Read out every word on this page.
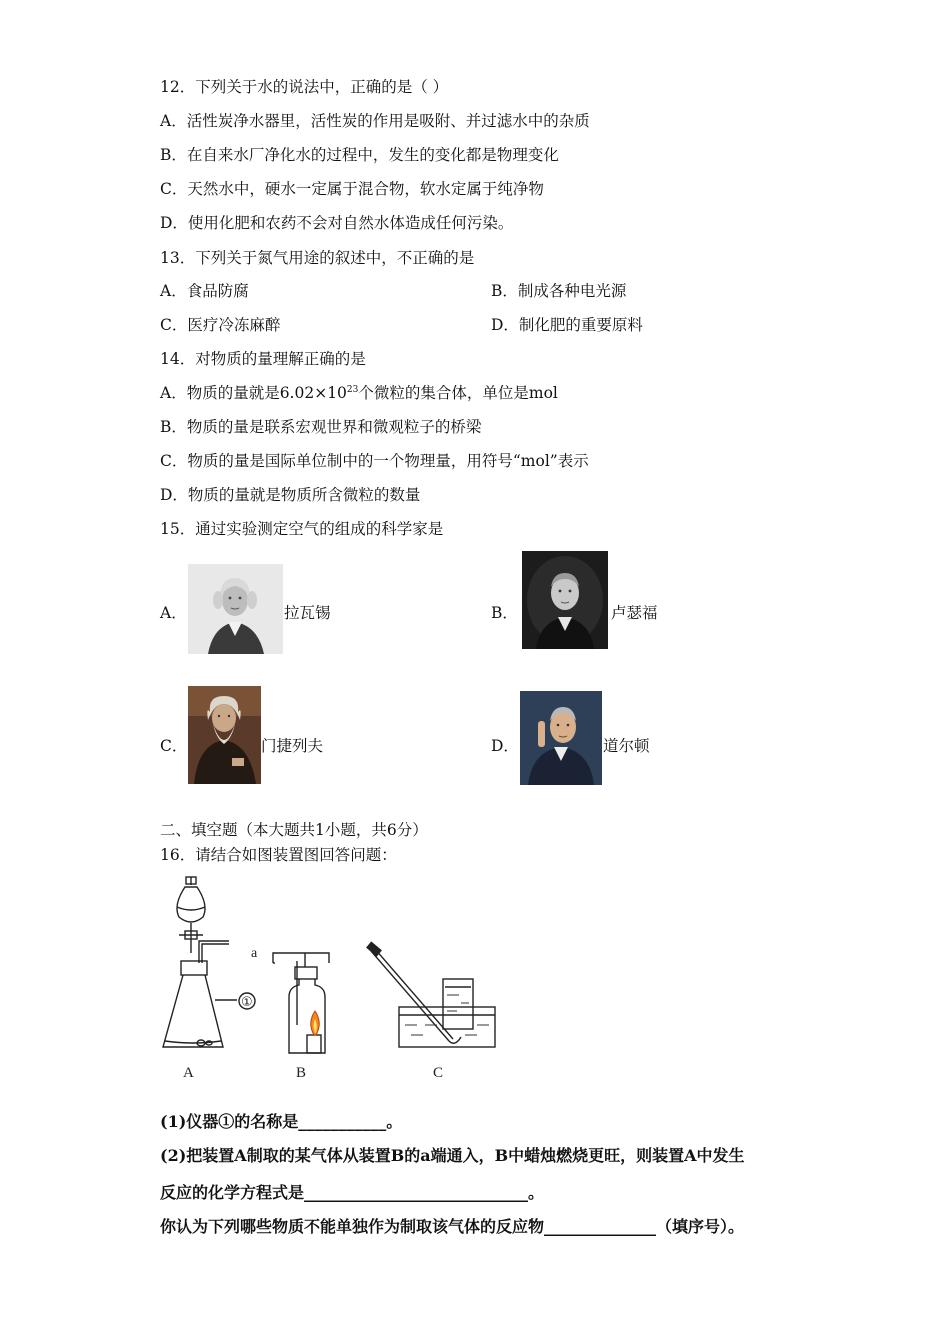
12．下列关于水的说法中，正确的是（ ）
A．活性炭净水器里，活性炭的作用是吸附、并过滤水中的杂质
B．在自来水厂净化水的过程中，发生的变化都是物理变化
C．天然水中，硬水一定属于混合物，软水定属于纯净物
D．使用化肥和农药不会对自然水体造成任何污染。
13．下列关于氮气用途的叙述中，不正确的是
A．食品防腐	B．制成各种电光源
C．医疗冷冻麻醉	D．制化肥的重要原料
14．对物质的量理解正确的是
A．物质的量就是$6.02\times 10^{23}$个微粒的集合体，单位是mol
B．物质的量是联系宏观世界和微观粒子的桥梁
C．物质的量是国际单位制中的一个物理量，用符号“mol”表示
D．物质的量就是物质所含微粒的数量
15．通过实验测定空气的组成的科学家是
A．	拉瓦锡	B．	卢瑟福
C．	门捷列夫	D．	道尔顿
二、填空题（本大题共1小题，共6分）
16．请结合如图装置图回答问题：
a
①
A	B	C
(1)仪器①的名称是___________。
(2)把装置A制取的某气体从装置B的a端通入，B中蜡烛燃烧更旺，则装置A中发生
反应的化学方程式是____________________________。
你认为下列哪些物质不能单独作为制取该气体的反应物______________（填序号）。
